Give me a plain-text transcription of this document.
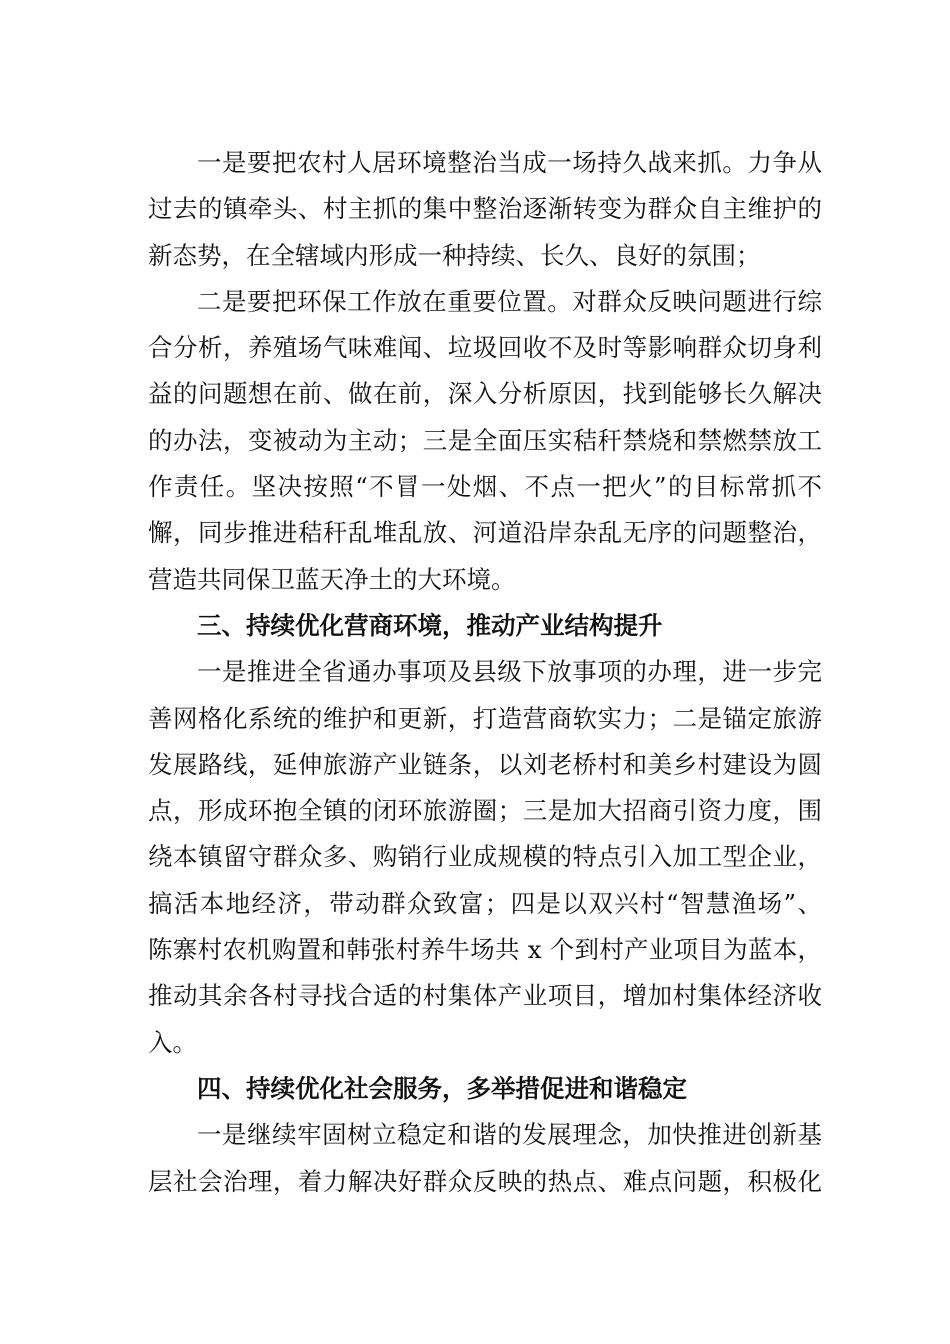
一是要把农村人居环境整治当成一场持久战来抓。力争从
过去的镇牵头、村主抓的集中整治逐渐转变为群众自主维护的
新态势，在全辖域内形成一种持续、长久、良好的氛围；
二是要把环保工作放在重要位置。对群众反映问题进行综
合分析，养殖场气味难闻、垃圾回收不及时等影响群众切身利
益的问题想在前、做在前，深入分析原因，找到能够长久解决
的办法，变被动为主动；三是全面压实秸秆禁烧和禁燃禁放工
作责任。坚决按照“不冒一处烟、不点一把火”的目标常抓不
懈，同步推进秸秆乱堆乱放、河道沿岸杂乱无序的问题整治，
营造共同保卫蓝天净土的大环境。
三、持续优化营商环境，推动产业结构提升
一是推进全省通办事项及县级下放事项的办理，进一步完
善网格化系统的维护和更新，打造营商软实力；二是锚定旅游
发展路线，延伸旅游产业链条，以刘老桥村和美乡村建设为圆
点，形成环抱全镇的闭环旅游圈；三是加大招商引资力度，围
绕本镇留守群众多、购销行业成规模的特点引入加工型企业，
搞活本地经济，带动群众致富；四是以双兴村“智慧渔场”、
陈寨村农机购置和韩张村养牛场共 x 个到村产业项目为蓝本，
推动其余各村寻找合适的村集体产业项目，增加村集体经济收
入。
四、持续优化社会服务，多举措促进和谐稳定
一是继续牢固树立稳定和谐的发展理念，加快推进创新基
层社会治理，着力解决好群众反映的热点、难点问题，积极化
